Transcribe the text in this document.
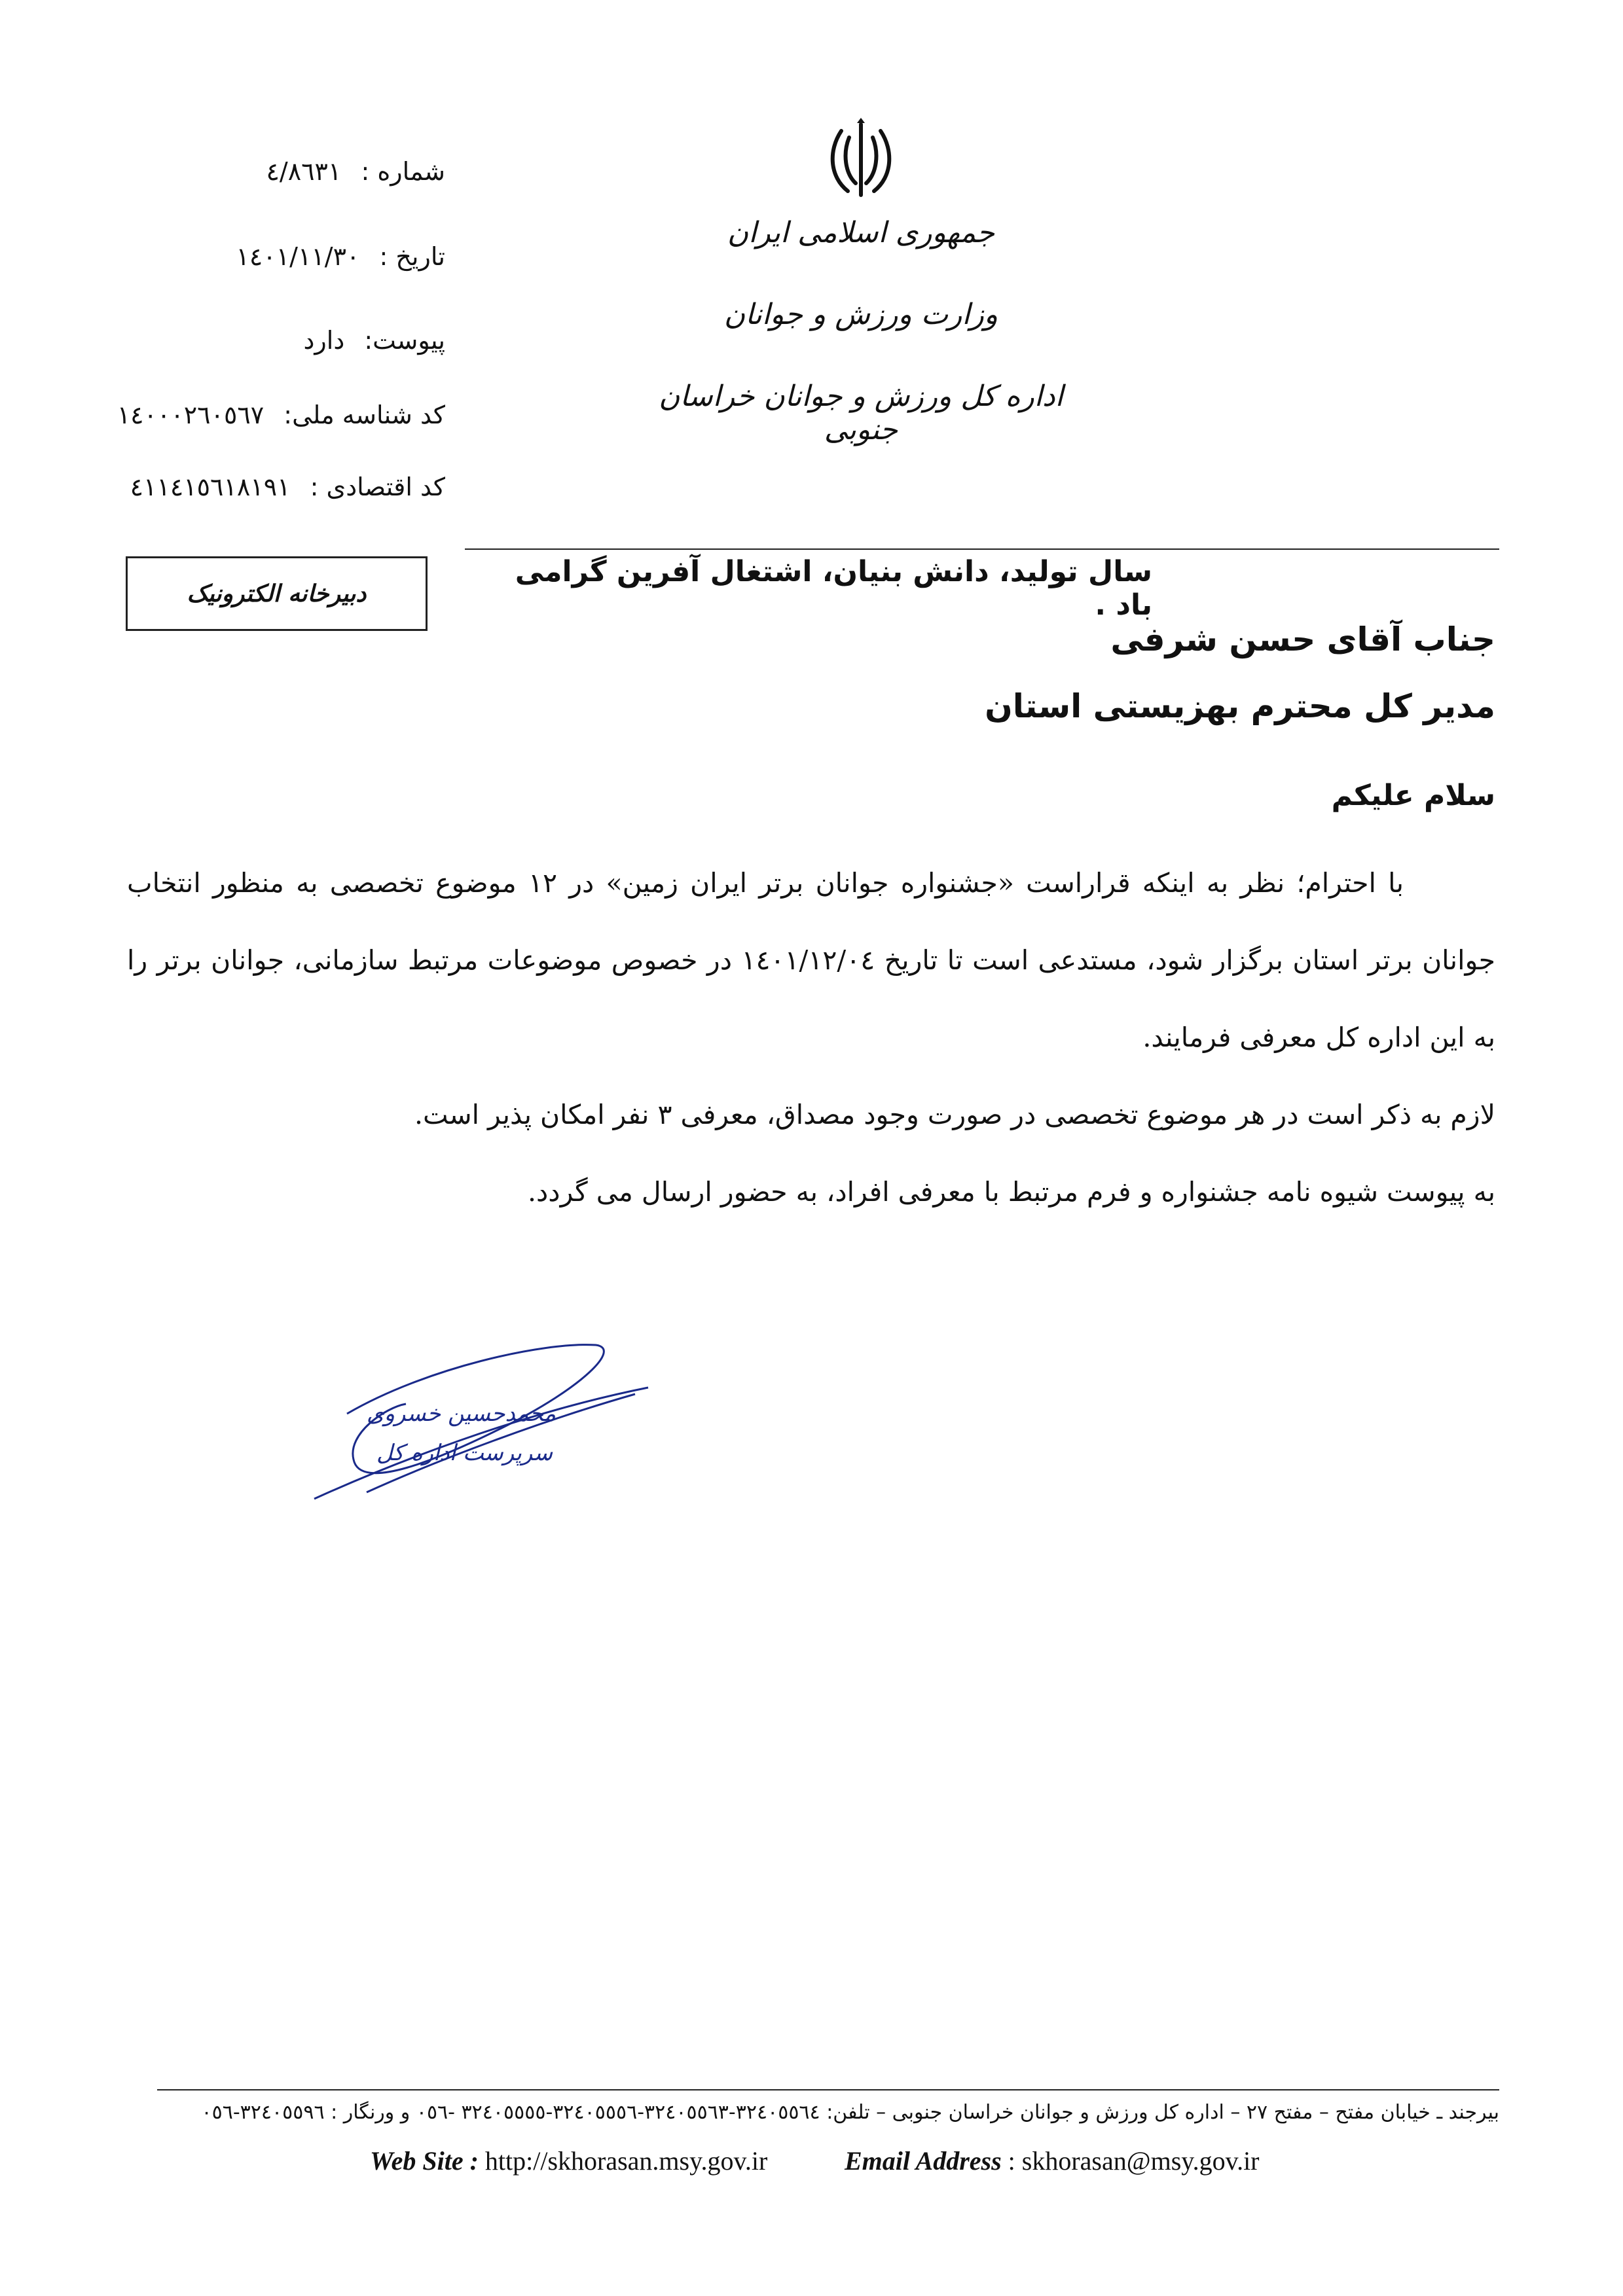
شماره : ٤/٨٦٣١
تاریخ : ١٤٠١/١١/٣٠
پیوست: دارد
کد شناسه ملی: ١٤٠٠٠٢٦٠٥٦٧
کد اقتصادی : ٤١١٤١٥٦١٨١٩١
جمهوری اسلامی ایران
وزارت ورزش و جوانان
اداره کل ورزش و جوانان خراسان جنوبی
دبیرخانه الکترونیک
سال تولید، دانش بنیان، اشتغال آفرین گرامی باد .
جناب آقای حسن شرفی
مدیر کل محترم بهزیستی استان
سلام علیکم

با احترام؛ نظر به اینکه قراراست «جشنواره جوانان برتر ایران زمین» در ١٢ موضوع تخصصی به منظور انتخاب جوانان برتر استان برگزار شود، مستدعی است تا تاریخ ١٤٠١/١٢/٠٤ در خصوص موضوعات مرتبط سازمانی، جوانان برتر را به این اداره کل معرفی فرمایند.

لازم به ذکر است در هر موضوع تخصصی در صورت وجود مصداق، معرفی ٣ نفر امکان پذیر است.

به پیوست شیوه نامه جشنواره و فرم مرتبط با معرفی افراد، به حضور ارسال می گردد.

محمدحسین خسروی
سرپرست اداره کل
بیرجند ـ خیابان مفتح – مفتح ٢٧ – اداره کل ورزش و جوانان خراسان جنوبی – تلفن: ٣٢٤٠٥٥٦٤-٣٢٤٠٥٥٦٣-٣٢٤٠٥٥٥٦-٣٢٤٠٥٥٥٥ -٠٥٦ و ورنگار : ٣٢٤٠٥٥٩٦-٠٥٦
Email Address : skhorasan@msy.gov.ir
Web Site : http://skhorasan.msy.gov.ir
